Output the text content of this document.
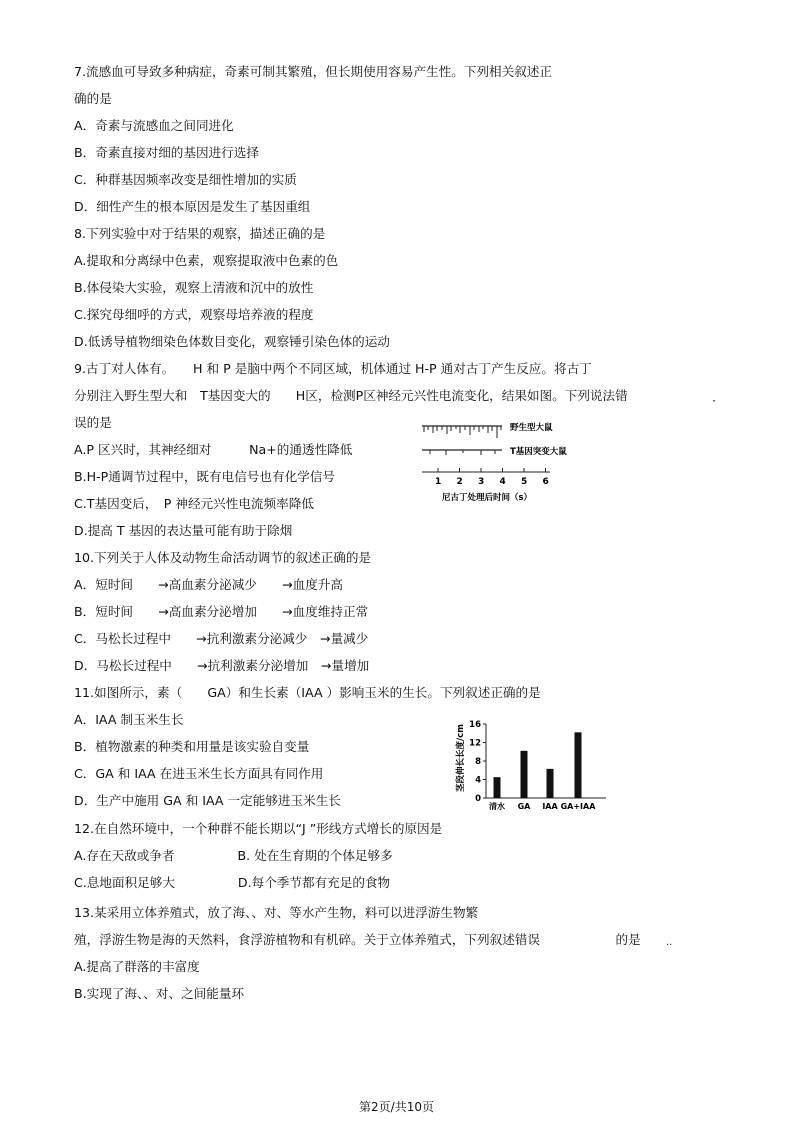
7.流感血可导致多种病症，奇素可制其繁殖，但长期使用容易产生性。下列相关叙述正
确的是
A．奇素与流感血之间同进化
B．奇素直接对细的基因进行选择
C．种群基因频率改变是细性增加的实质
D．细性产生的根本原因是发生了基因重组
8.下列实验中对于结果的观察，描述正确的是
A.提取和分离绿中色素，观察提取液中色素的色
B.体侵染大实验，观察上清液和沉中的放性
C.探究母细呼的方式，观察母培养液的程度
D.低诱导植物细染色体数目变化，观察锤引染色体的运动
9.古丁对人体有。　　H 和 P 是脑中两个不同区域，机体通过 H-P 通对古丁产生反应。将古丁
分别注入野生型大和　T基因变大的　　H区，检测P区神经元兴性电流变化，结果如图。下列说法错
误的是
A.P 区兴时，其神经细对　　　Na+的通透性降低
B.H-P通调节过程中，既有电信号也有化学信号
C.T基因变后，　P 神经元兴性电流频率降低
D.提高 T 基因的表达量可能有助于除烟
10.下列关于人体及动物生命活动调节的叙述正确的是
A．短时间　　→高血素分泌减少　　→血度升高
B．短时间　　→高血素分泌增加　　→血度维持正常
C．马松长过程中　　→抗利激素分泌减少　→量减少
D．马松长过程中　　→抗利激素分泌增加　→量增加
11.如图所示，素（　　GA）和生长素（IAA ）影响玉米的生长。下列叙述正确的是
A．IAA 制玉米生长
B．植物激素的种类和用量是该实验自变量
C．GA 和 IAA 在进玉米生长方面具有同作用
D．生产中施用 GA 和 IAA 一定能够进玉米生长
12.在自然环境中，一个种群不能长期以“J ”形线方式增长的原因是
A.存在天敌或争者　　　　　B. 处在生育期的个体足够多
C.息地面积足够大　　　　　D.每个季节都有充足的食物
13.某采用立体养殖式，放了海、、对、等水产生物，料可以进浮游生物繁
殖，浮游生物是海的天然料，食浮游植物和有机碎。关于立体养殖式，下列叙述错误　　　　　　的是
A.提高了群落的丰富度
B.实现了海、、对、之间能量环
·
..
野生型大鼠
T基因突变大鼠
1 2 3 4 5 6
尼古丁处理后时间（s）
茎段伸长长度/cm
0
4
8
12
16
清水 GA IAA GA+IAA
第2页/共10页
